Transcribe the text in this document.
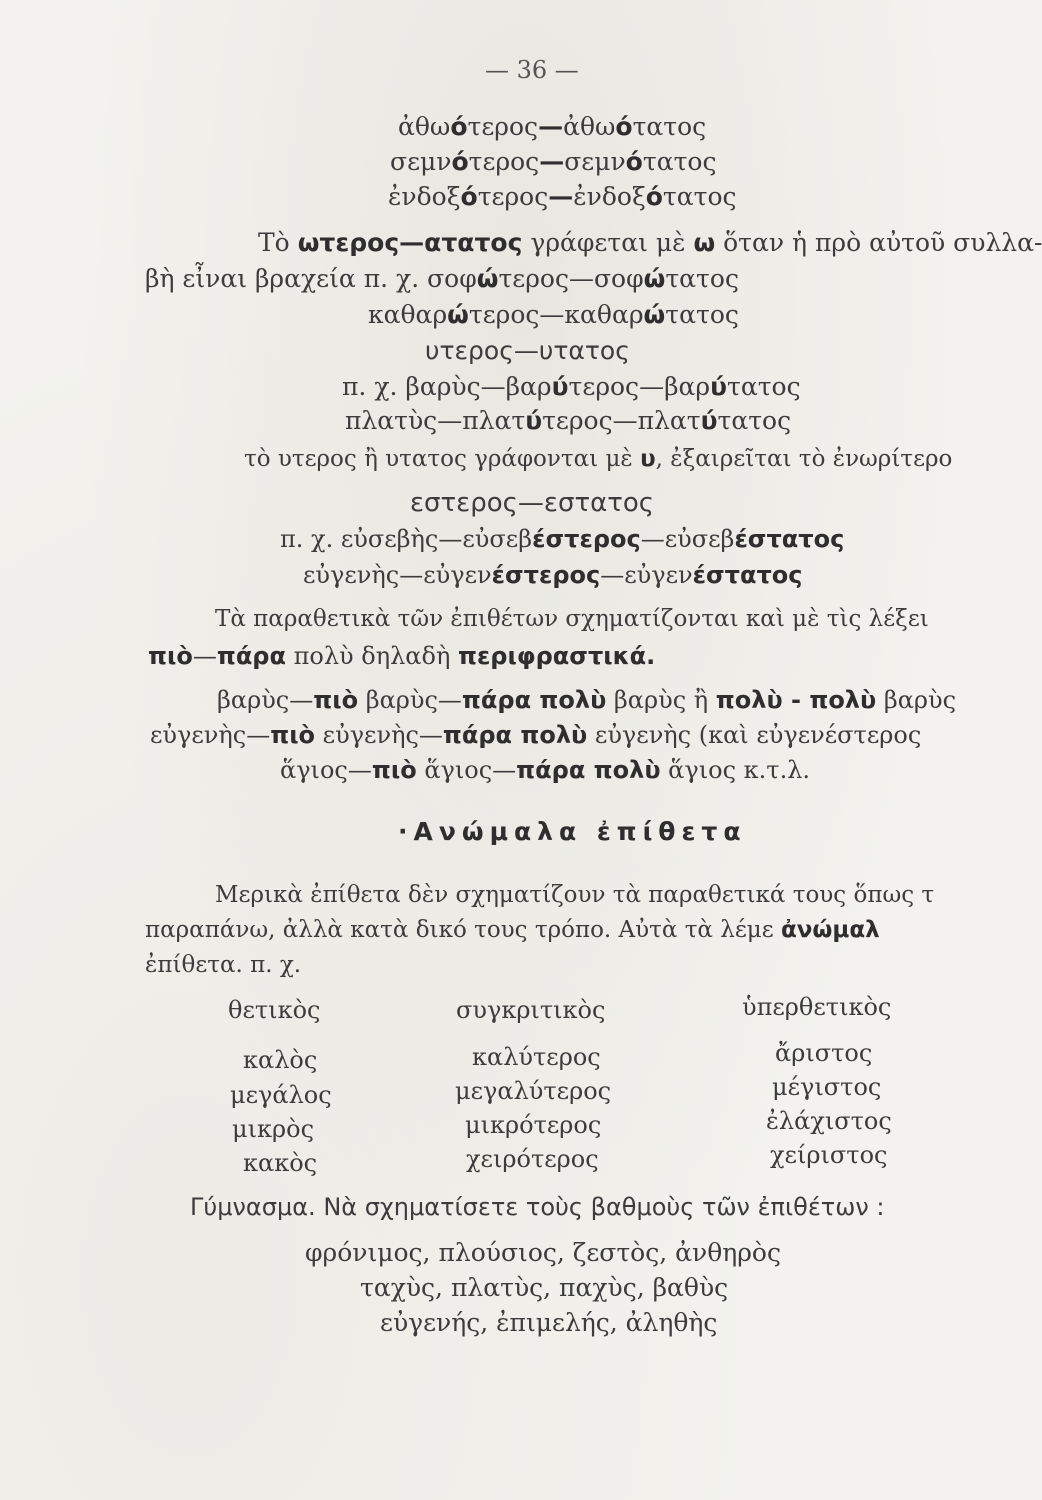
— 36 —
ἀθωότερος—ἀθωότατος
σεμνότερος—σεμνότατος
ἐνδοξότερος—ἐνδοξότατος
Τὸ ωτερος—ατατος γράφεται μὲ ω ὅταν ἡ πρὸ αὐτοῦ συλλα-
βὴ εἶναι βραχεία π. χ. σοφώτερος—σοφώτατος
καθαρώτερος—καθαρώτατος
υτερος—υτατος
π. χ. βαρὺς—βαρύτερος—βαρύτατος
πλατὺς—πλατύτερος—πλατύτατος
τὸ υτερος ἢ υτατος γράφονται μὲ υ, ἐξαιρεῖται τὸ ἐνωρίτερο
εστερος—εστατος
π. χ. εὐσεβὴς—εὐσεβέστερος—εὐσεβέστατος
εὐγενὴς—εὐγενέστερος—εὐγενέστατος
Τὰ παραθετικὰ τῶν ἐπιθέτων σχηματίζονται καὶ μὲ τὶς λέξει
πιὸ—πάρα πολὺ δηλαδὴ περιφραστικά.
βαρὺς—πιὸ βαρὺς—πάρα πολὺ βαρὺς ἢ πολὺ - πολὺ βαρὺς
εὐγενὴς—πιὸ εὐγενὴς—πάρα πολὺ εὐγενὴς (καὶ εὐγενέστερος
ἅγιος—πιὸ ἅγιος—πάρα πολὺ ἅγιος κ.τ.λ.
·Ανώμαλα ἐπίθετα
Μερικὰ ἐπίθετα δὲν σχηματίζουν τὰ παραθετικά τους ὅπως τ
παραπάνω, ἀλλὰ κατὰ δικό τους τρόπο. Αὐτὰ τὰ λέμε ἀνώμαλ
ἐπίθετα. π. χ.
θετικὸς	συγκριτικὸς	ὑπερθετικὸς
καλὸς	καλύτερος	ἄριστος
μεγάλος	μεγαλύτερος	μέγιστος
μικρὸς	μικρότερος	ἐλάχιστος
κακὸς	χειρότερος	χείριστος
Γύμνασμα. Νὰ σχηματίσετε τοὺς βαθμοὺς τῶν ἐπιθέτων :
φρόνιμος, πλούσιος, ζεστὸς, ἀνθηρὸς
ταχὺς, πλατὺς, παχὺς, βαθὺς
εὐγενής, ἐπιμελής, ἀληθὴς
